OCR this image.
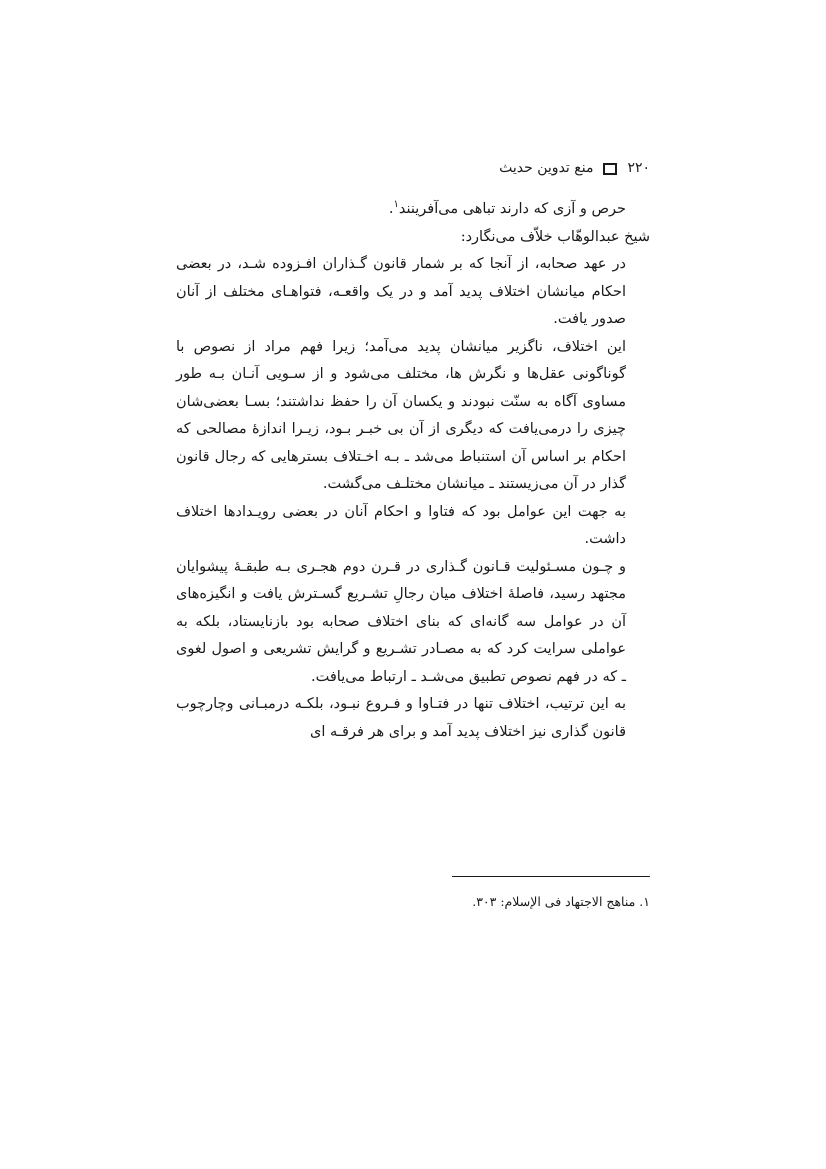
۲۲۰
منع تدوین حدیث

حرص و آزی که دارند تباهی می‌آفرینند$^۱$.

شیخ عبدالوهّاب خلاّف می‌نگارد:

در عهد صحابه، از آنجا که بر شمار قانون گـذاران افـزوده شـد، در بعضی احکام میانشان اختلاف پدید آمد و در یک واقعـه، فتواهـای مختلف از آنان صدور یافت.

این اختلاف، ناگزیر میانشان پدید می‌آمد؛ زیرا فهم مراد از نصوص با گوناگونی عقل‌ها و نگرش ها، مختلف می‌شود و از سـویی آنـان بـه طور مساوی آگاه به سنّت نبودند و یکسان آن را حفظ نداشتند؛ بسـا بعضی‌شان چیزی را درمی‌یافت که دیگری از آن بی خبـر بـود، زیـرا اندازۀ مصالحی که احکام بر اساس آن استنباط می‌شد ـ بـه اخـتلاف بسترهایی که رجال قانون گذار در آن می‌زیستند ـ میانشان مختلـف می‌گشت.

به جهت این عوامل بود که فتاوا و احکام آنان در بعضی رویـدادها اختلاف داشت.

و چـون مسـئولیت قـانون گـذاری در قـرن دوم هجـری بـه طبقـۀ پیشوایان مجتهد رسید، فاصلۀ اختلاف میان رجالِ تشـریع گسـترش یافت و انگیزه‌های آن در عوامل سه گانه‌ای که بنای اختلاف صحابه بود بازنایستاد، بلکه به عواملی سرایت کرد که به مصـادر تشـریع و گرایش تشریعی و اصول لغوی ـ که در فهم نصوص تطبیق می‌شـد ـ ارتباط می‌یافت.

به این ترتیب، اختلاف تنها در فتـاوا و فـروع نبـود، بلکـه درمبـانی وچارچوب قانون گذاری نیز اختلاف پدید آمد و برای هر فرقـه ای

۱. مناهج الاجتهاد فی الإسلام: ۳۰۳.
